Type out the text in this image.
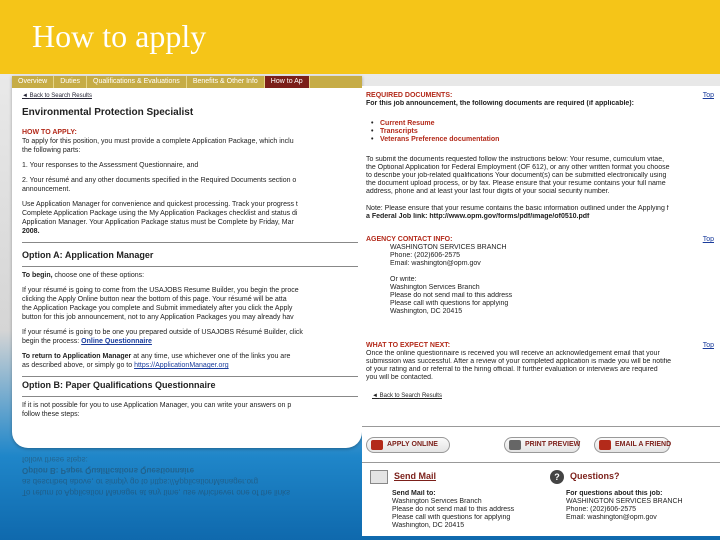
How to apply
Overview	Duties	Qualifications & Evaluations	Benefits & Other Info	How to Ap
◄ Back to Search Results
Environmental Protection Specialist
HOW TO APPLY:
To apply for this position, you must provide a complete Application Package, which inclu
the following parts:
1. Your responses to the Assessment Questionnaire, and
2. Your résumé and any other documents specified in the Required Documents section o
announcement.
Use Application Manager for convenience and quickest processing. Track your progress t
Complete Application Package using the My Application Packages checklist and status di
Application Manager. Your Application Package status must be Complete by Friday, Mar
2008.
Option A: Application Manager
To begin, choose one of these options:
If your résumé is going to come from the USAJOBS Resume Builder, you begin the proce
clicking the Apply Online button near the bottom of this page. Your résumé will be atta
the Application Package you complete and Submit immediately after you click the Apply
button for this job announcement, not to any Application Packages you may already hav
If your résumé is going to be one you prepared outside of USAJOBS Résumé Builder, click
begin the process: Online Questionnaire
To return to Application Manager at any time, use whichever one of the links you are
as described above, or simply go to https://ApplicationManager.org
Option B: Paper Qualifications Questionnaire
If it is not possible for you to use Application Manager, you can write your answers on p
follow these steps:
To return to Application Manager at any time, use whichever one of the links
as described above, or simply go to https://ApplicationManager.org
Option B: Paper Qualifications Questionnaire
follow these steps:
Top
REQUIRED DOCUMENTS:
For this job announcement, the following documents are required (if applicable):
• Current Resume
• Transcripts
• Veterans Preference documentation
To submit the documents requested follow the instructions below: Your resume, curriculum vitae,
the Optional Application for Federal Employment (OF 612), or any other written format you choose
to describe your job-related qualifications Your document(s) can be submitted electronically using
the document upload process, or by fax. Please ensure that your resume contains your full name
address, phone and at least your last four digits of your social security number.
Note: Please ensure that your resume contains the basic information outlined under the Applying f
a Federal Job link: http://www.opm.gov/forms/pdf/image/of0510.pdf
Top
AGENCY CONTACT INFO:
WASHINGTON SERVICES BRANCH
Phone: (202)606-2575
Email: washington@opm.gov
Or write:
Washington Services Branch
Please do not send mail to this address
Please call with questions for applying
Washington, DC 20415
Top
WHAT TO EXPECT NEXT:
Once the online questionnaire is received you will receive an acknowledgement email that your
submission was successful. After a review of your completed application is made you will be notifie
of your rating and or referral to the hiring official. If further evaluation or interviews are required
you will be contacted.
◄ Back to Search Results
APPLY ONLINE	PRINT PREVIEW	EMAIL A FRIEND
Send Mail
Send Mail to:
Washington Services Branch
Please do not send mail to this address
Please call with questions for applying
Washington, DC 20415
?	Questions?
For questions about this job:
WASHINGTON SERVICES BRANCH
Phone: (202)606-2575
Email: washington@opm.gov
